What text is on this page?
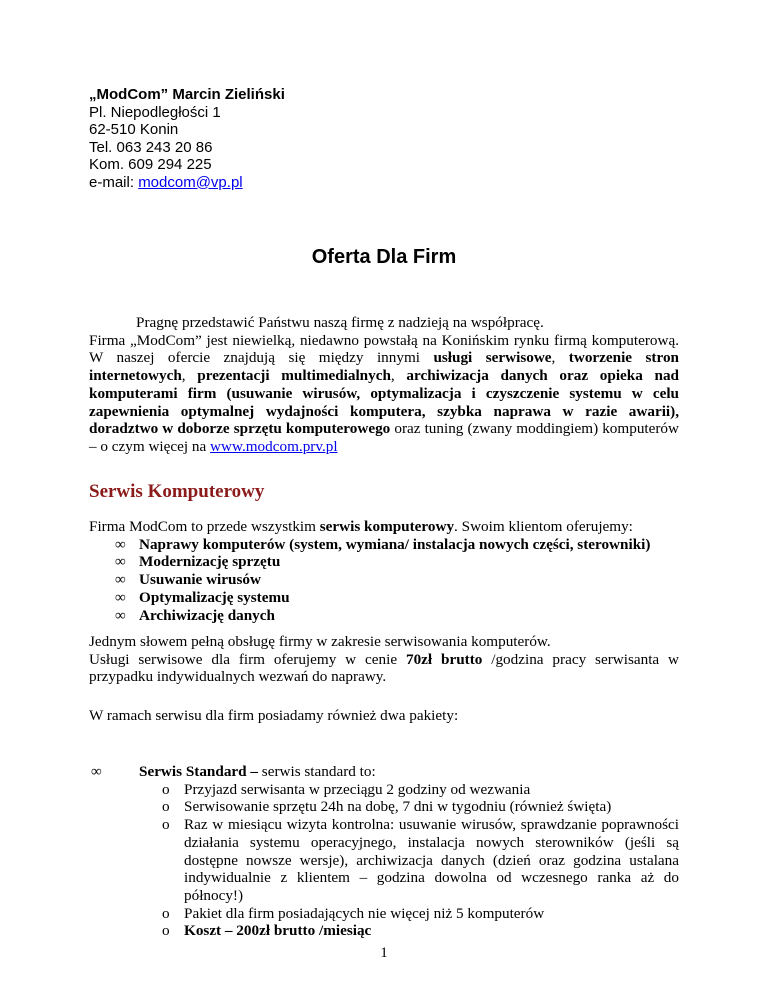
„ModCom” Marcin Zieliński
Pl. Niepodległości 1
62-510 Konin
Tel. 063 243 20 86
Kom. 609 294 225
e-mail: modcom@vp.pl
Oferta Dla Firm

Pragnę przedstawić Państwu naszą firmę z nadzieją na współpracę.

Firma „ModCom” jest niewielką, niedawno powstałą na Konińskim rynku firmą komputerową. W naszej ofercie znajdują się między innymi usługi serwisowe, tworzenie stron internetowych, prezentacji multimedialnych, archiwizacja danych oraz opieka nad komputerami firm (usuwanie wirusów, optymalizacja i czyszczenie systemu w celu zapewnienia optymalnej wydajności komputera, szybka naprawa w razie awarii), doradztwo w doborze sprzętu komputerowego oraz tuning (zwany moddingiem) komputerów – o czym więcej na www.modcom.prv.pl

Serwis Komputerowy

Firma ModCom to przede wszystkim serwis komputerowy. Swoim klientom oferujemy:

∞ Naprawy komputerów (system, wymiana/ instalacja nowych części, sterowniki)
∞ Modernizację sprzętu
∞ Usuwanie wirusów
∞ Optymalizację systemu
∞ Archiwizację danych

Jednym słowem pełną obsługę firmy w zakresie serwisowania komputerów.

Usługi serwisowe dla firm oferujemy w cenie 70zł brutto /godzina pracy serwisanta w przypadku indywidualnych wezwań do naprawy.

W ramach serwisu dla firm posiadamy również dwa pakiety:
∞ Serwis Standard – serwis standard to:
o Przyjazd serwisanta w przeciągu 2 godziny od wezwania
o Serwisowanie sprzętu 24h na dobę, 7 dni w tygodniu (również święta)
o Raz w miesiącu wizyta kontrolna: usuwanie wirusów, sprawdzanie poprawności działania systemu operacyjnego, instalacja nowych sterowników (jeśli są dostępne nowsze wersje), archiwizacja danych (dzień oraz godzina ustalana indywidualnie z klientem – godzina dowolna od wczesnego ranka aż do północy!)
o Pakiet dla firm posiadających nie więcej niż 5 komputerów
o Koszt – 200zł brutto /miesiąc
1
